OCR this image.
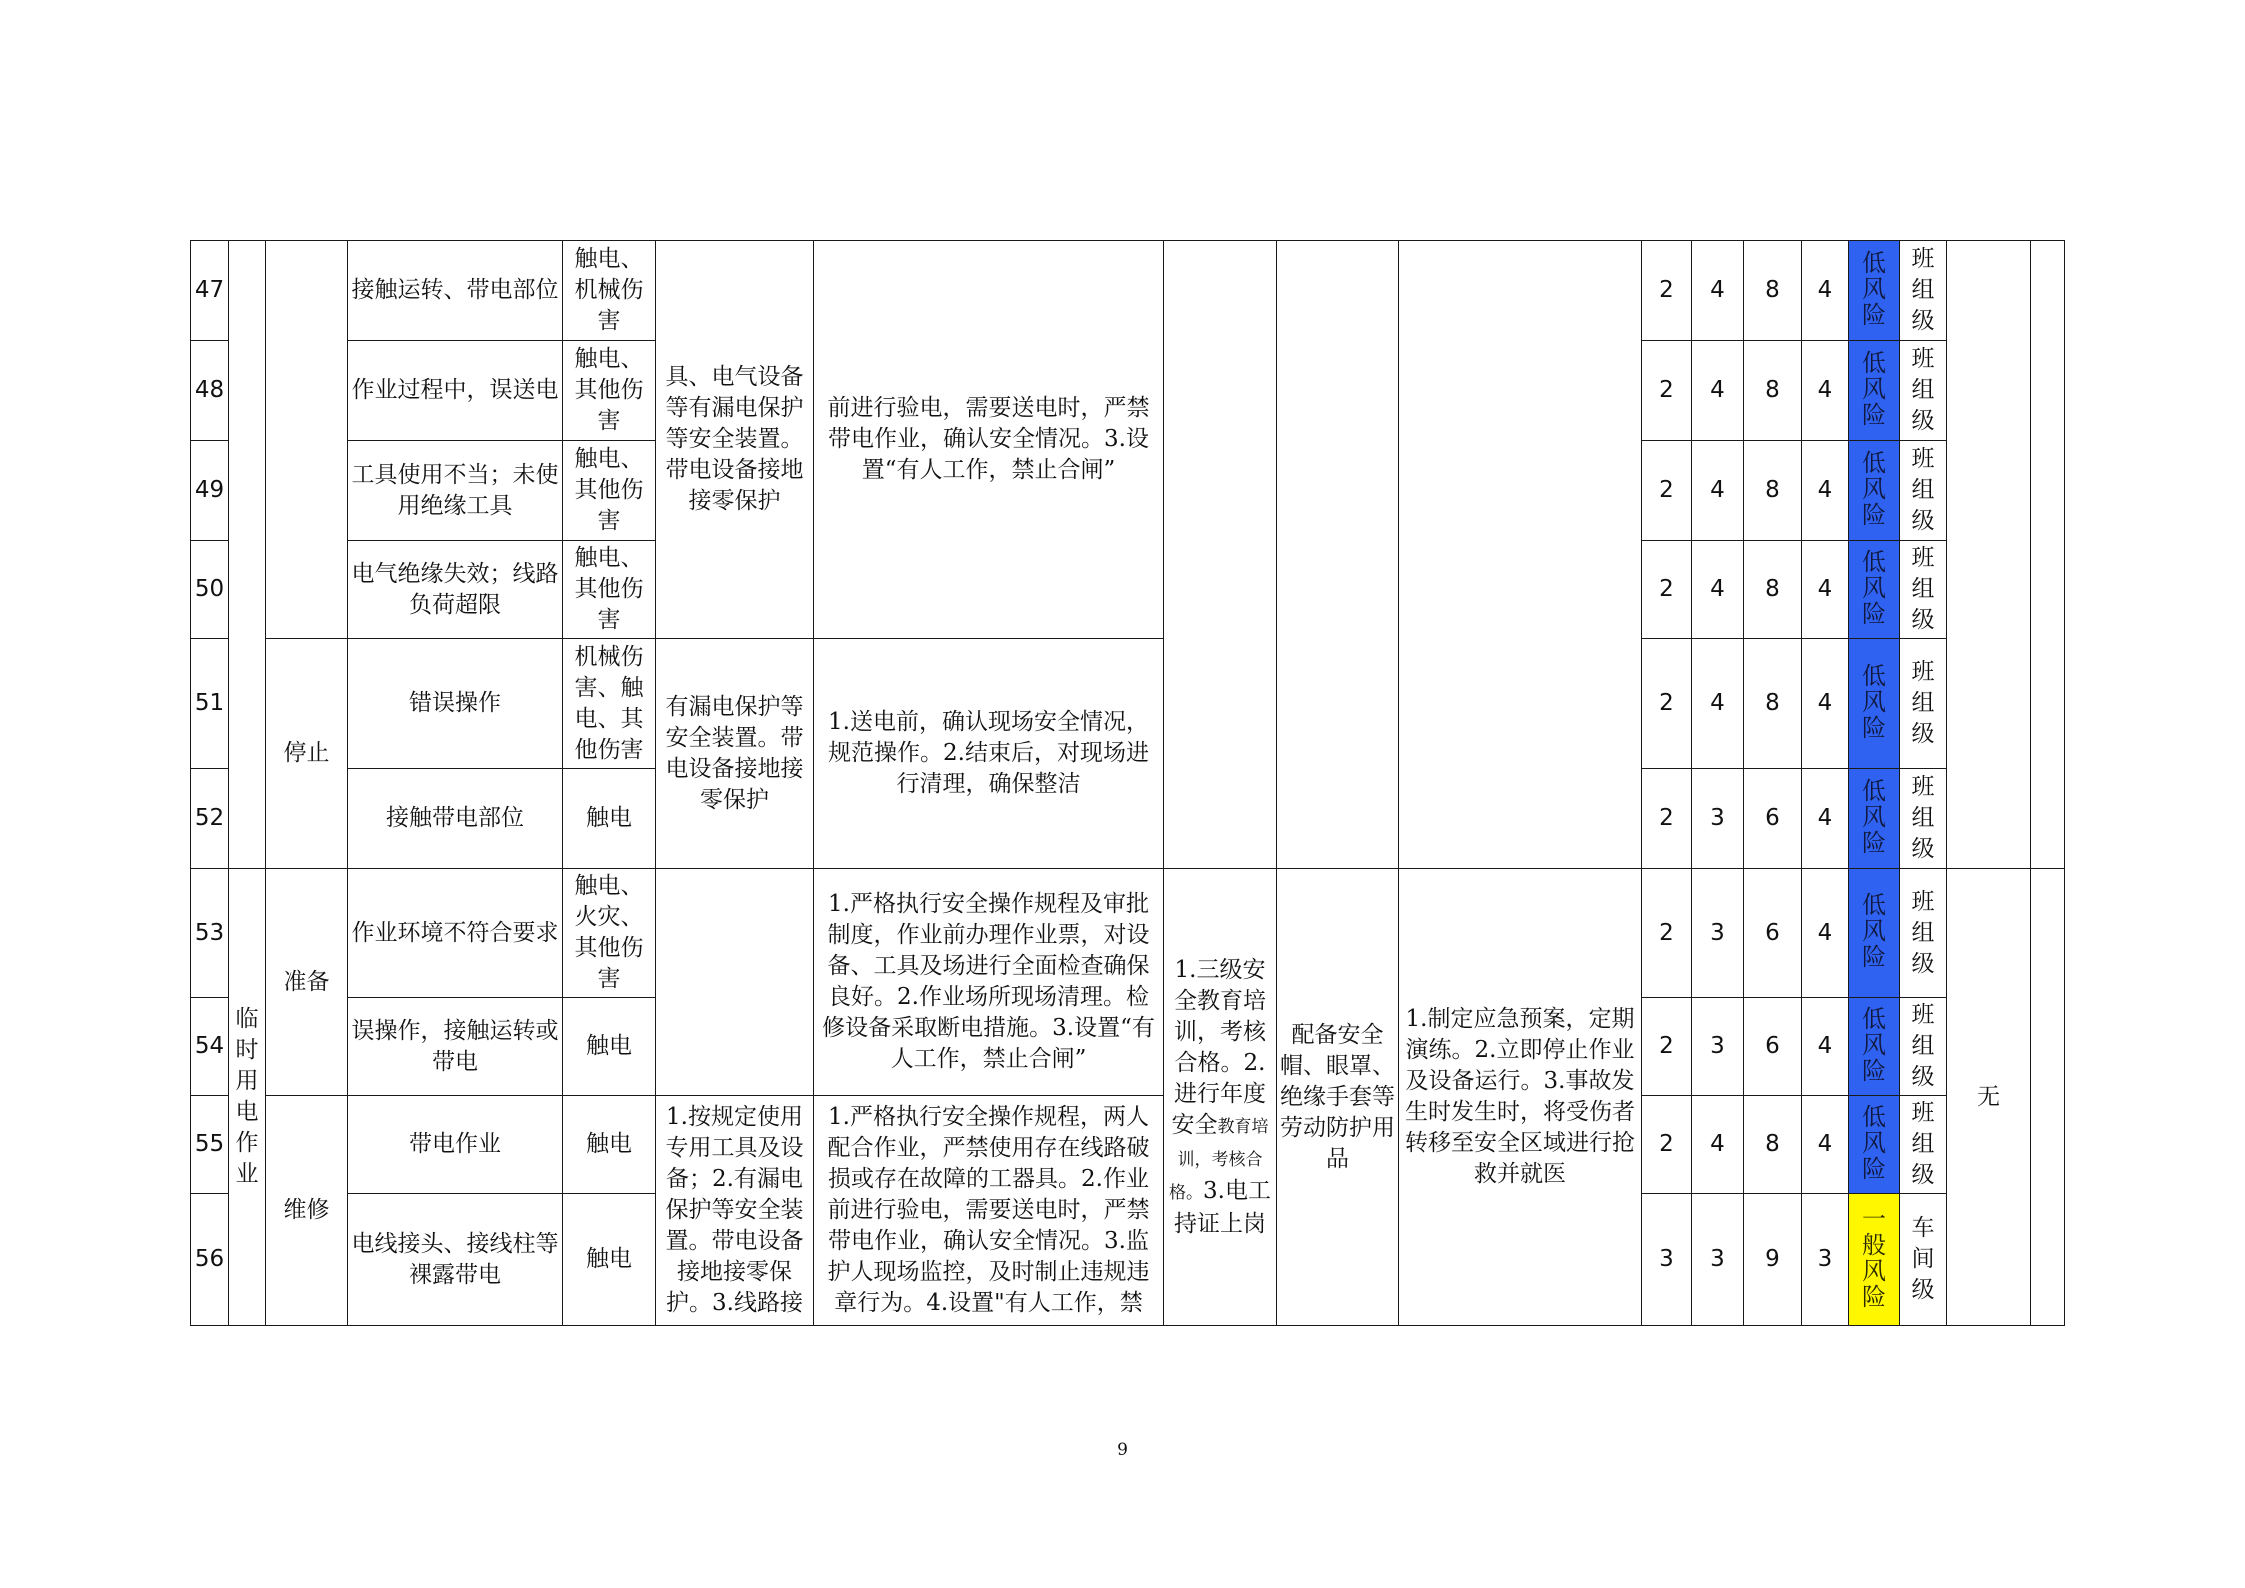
47			接触运转、带电部位	触电、机械伤害	具、电气设备等有漏电保护等安全装置。带电设备接地接零保护	前进行验电，需要送电时，严禁带电作业，确认安全情况。3.设置“有人工作，禁止合闸”				2	4	8	4	低风险	班组级		
48			作业过程中，误送电	触电、其他伤害						2	4	8	4	低风险	班组级		
49			工具使用不当；未使用绝缘工具	触电、其他伤害						2	4	8	4	低风险	班组级		
50			电气绝缘失效；线路负荷超限	触电、其他伤害						2	4	8	4	低风险	班组级		
51		停止	错误操作	机械伤害、触电、其他伤害	有漏电保护等安全装置。带电设备接地接零保护	1.送电前，确认现场安全情况，规范操作。2.结束后，对现场进行清理，确保整洁				2	4	8	4	低风险	班组级		
52			接触带电部位	触电						2	3	6	4	低风险	班组级		
53	临时用电作业	准备	作业环境不符合要求	触电、火灾、其他伤害		1.严格执行安全操作规程及审批制度，作业前办理作业票，对设备、工具及场进行全面检查确保良好。2.作业场所现场清理。检修设备采取断电措施。3.设置“有人工作，禁止合闸”	1.三级安全教育培训，考核合格。2.进行年度安全教育培训，考核合格。3.电工持证上岗	配备安全帽、眼罩、绝缘手套等劳动防护用品	1.制定应急预案，定期演练。2.立即停止作业及设备运行。3.事故发生时发生时，将受伤者转移至安全区域进行抢救并就医	2	3	6	4	低风险	班组级	无	
54			误操作，接触运转或带电	触电						2	3	6	4	低风险	班组级		
55		维修	带电作业	触电	1.按规定使用专用工具及设备；2.有漏电保护等安全装置。带电设备接地接零保护。3.线路接	1.严格执行安全操作规程，两人配合作业，严禁使用存在线路破损或存在故障的工器具。2.作业前进行验电，需要送电时，严禁带电作业，确认安全情况。3.监护人现场监控，及时制止违规违章行为。4.设置"有人工作，禁				2	4	8	4	低风险	班组级		
56			电线接头、接线柱等裸露带电	触电						3	3	9	3	一般风险	车间级		
9
